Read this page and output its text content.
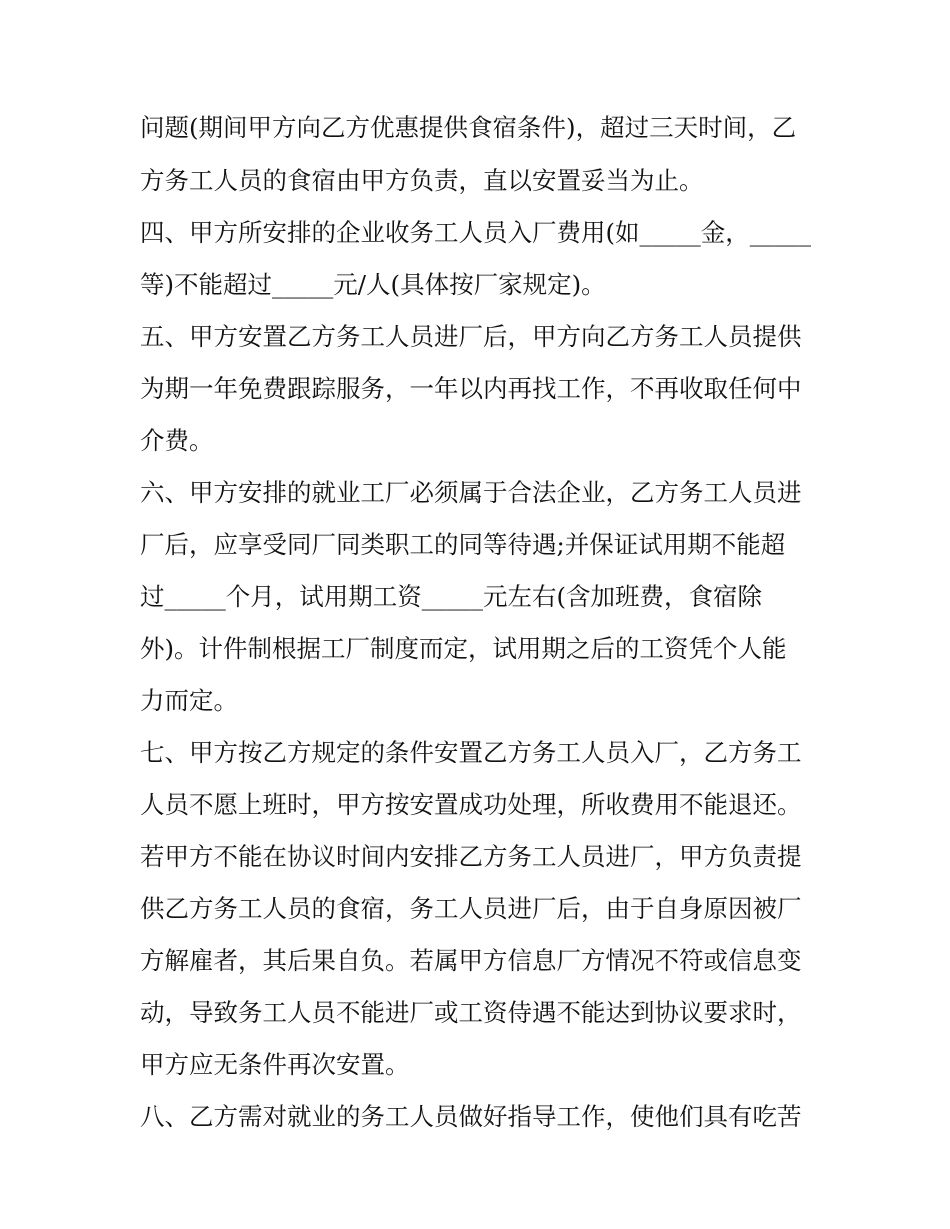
问题(期间甲方向乙方优惠提供食宿条件)，超过三天时间，乙
方务工人员的食宿由甲方负责，直以安置妥当为止。
四、甲方所安排的企业收务工人员入厂费用(如_____金，_____
等)不能超过_____元/人(具体按厂家规定)。
五、甲方安置乙方务工人员进厂后，甲方向乙方务工人员提供
为期一年免费跟踪服务，一年以内再找工作，不再收取任何中
介费。
六、甲方安排的就业工厂必须属于合法企业，乙方务工人员进
厂后，应享受同厂同类职工的同等待遇;并保证试用期不能超
过_____个月，试用期工资_____元左右(含加班费，食宿除
外)。计件制根据工厂制度而定，试用期之后的工资凭个人能
力而定。
七、甲方按乙方规定的条件安置乙方务工人员入厂，乙方务工
人员不愿上班时，甲方按安置成功处理，所收费用不能退还。
若甲方不能在协议时间内安排乙方务工人员进厂，甲方负责提
供乙方务工人员的食宿，务工人员进厂后，由于自身原因被厂
方解雇者，其后果自负。若属甲方信息厂方情况不符或信息变
动，导致务工人员不能进厂或工资侍遇不能达到协议要求时，
甲方应无条件再次安置。
八、乙方需对就业的务工人员做好指导工作，使他们具有吃苦
